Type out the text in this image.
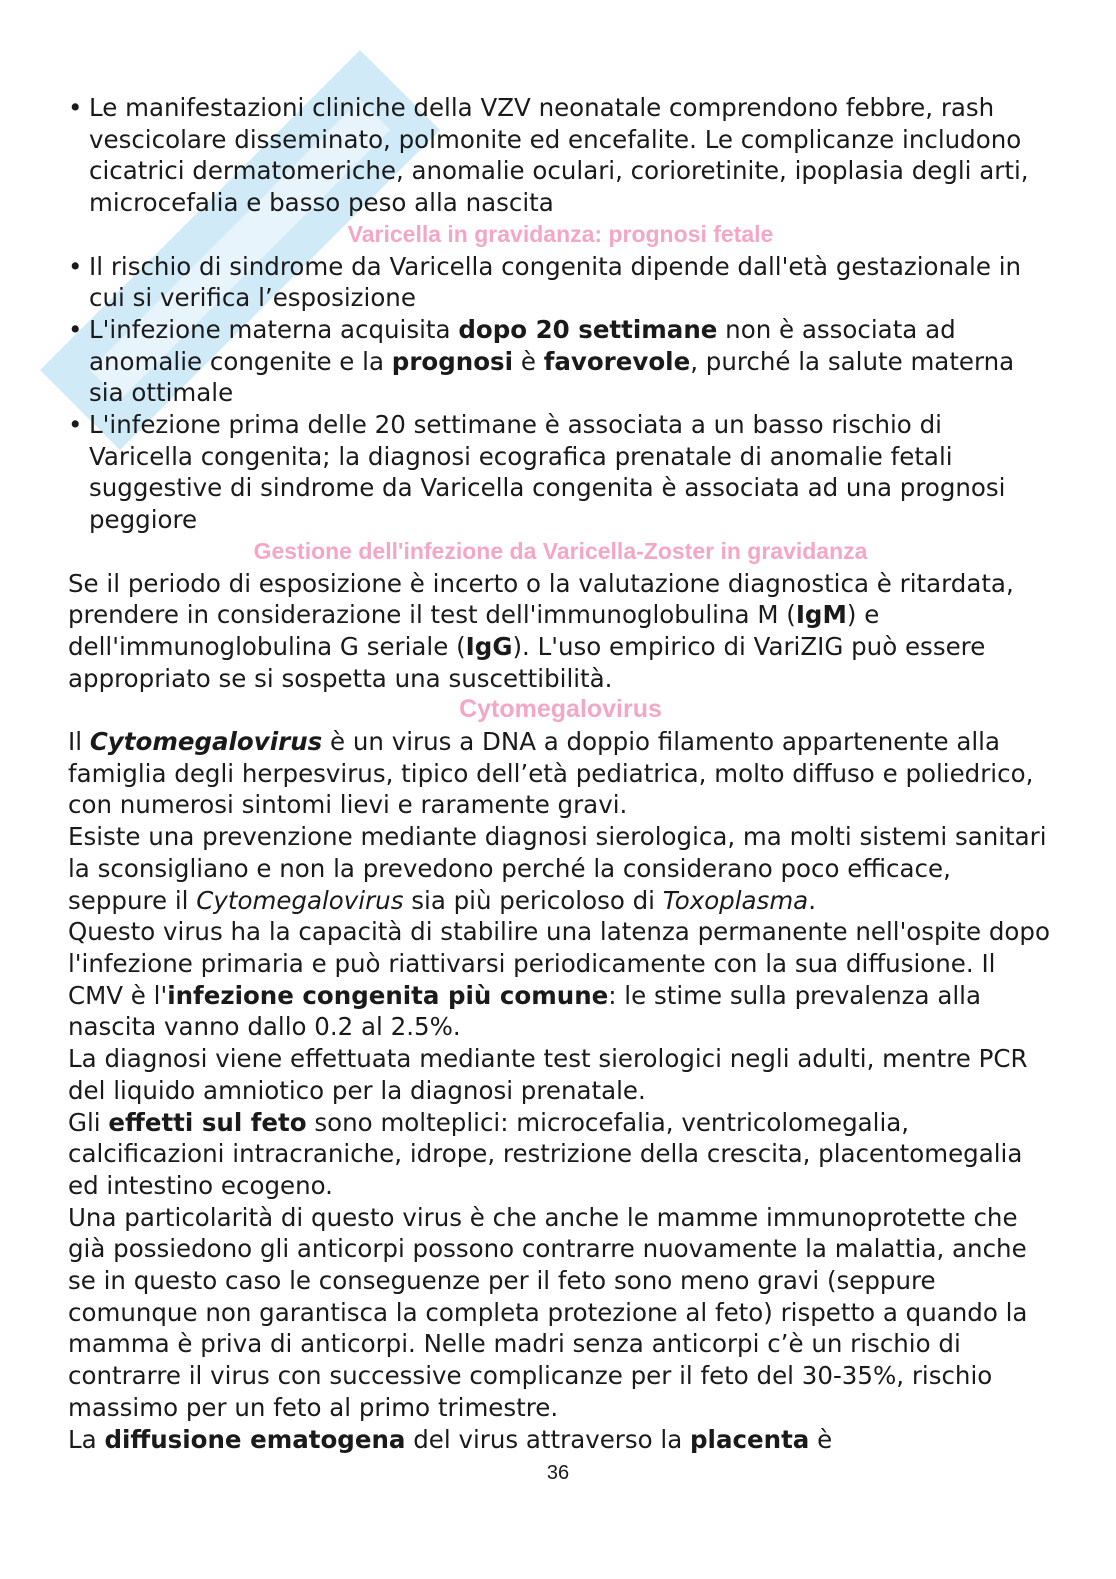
• Le manifestazioni cliniche della VZV neonatale comprendono febbre, rash vescicolare disseminato, polmonite ed encefalite. Le complicanze includono cicatrici dermatomeriche, anomalie oculari, corioretinite, ipoplasia degli arti, microcefalia e basso peso alla nascita
Varicella in gravidanza: prognosi fetale
• Il rischio di sindrome da Varicella congenita dipende dall'età gestazionale in cui si verifica l’esposizione
• L'infezione materna acquisita dopo 20 settimane non è associata ad anomalie congenite e la prognosi è favorevole, purché la salute materna sia ottimale
• L'infezione prima delle 20 settimane è associata a un basso rischio di Varicella congenita; la diagnosi ecografica prenatale di anomalie fetali suggestive di sindrome da Varicella congenita è associata ad una prognosi peggiore
Gestione dell'infezione da Varicella-Zoster in gravidanza

Se il periodo di esposizione è incerto o la valutazione diagnostica è ritardata, prendere in considerazione il test dell'immunoglobulina M (IgM) e dell'immunoglobulina G seriale (IgG). L'uso empirico di VariZIG può essere appropriato se si sospetta una suscettibilità.

Cytomegalovirus

Il Cytomegalovirus è un virus a DNA a doppio filamento appartenente alla famiglia degli herpesvirus, tipico dell’età pediatrica, molto diffuso e poliedrico, con numerosi sintomi lievi e raramente gravi.

Esiste una prevenzione mediante diagnosi sierologica, ma molti sistemi sanitari la sconsigliano e non la prevedono perché la considerano poco efficace, seppure il Cytomegalovirus sia più pericoloso di Toxoplasma.

Questo virus ha la capacità di stabilire una latenza permanente nell'ospite dopo l'infezione primaria e può riattivarsi periodicamente con la sua diffusione. Il CMV è l'infezione congenita più comune: le stime sulla prevalenza alla nascita vanno dallo 0.2 al 2.5%.

La diagnosi viene effettuata mediante test sierologici negli adulti, mentre PCR del liquido amniotico per la diagnosi prenatale.

Gli effetti sul feto sono molteplici: microcefalia, ventricolomegalia, calcificazioni intracraniche, idrope, restrizione della crescita, placentomegalia ed intestino ecogeno.

Una particolarità di questo virus è che anche le mamme immunoprotette che già possiedono gli anticorpi possono contrarre nuovamente la malattia, anche se in questo caso le conseguenze per il feto sono meno gravi (seppure comunque non garantisca la completa protezione al feto) rispetto a quando la mamma è priva di anticorpi. Nelle madri senza anticorpi c’è un rischio di contrarre il virus con successive complicanze per il feto del 30-35%, rischio massimo per un feto al primo trimestre.

La diffusione ematogena del virus attraverso la placenta è

36
